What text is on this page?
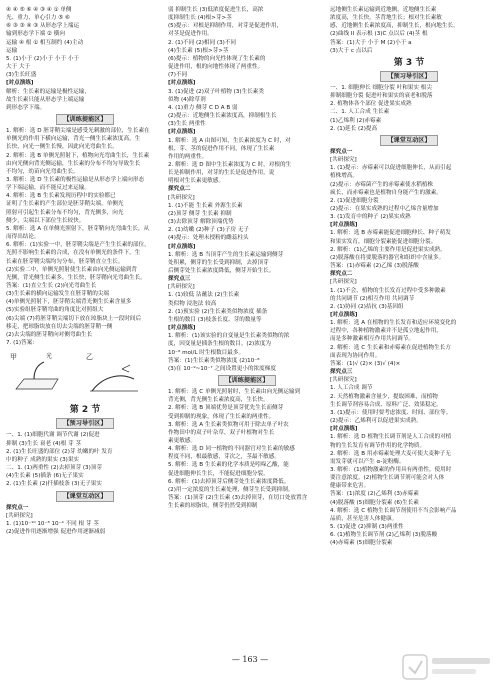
④ ④ ⑤ ⑥ ④ ③ ④ ① 单侧
光、重力、单心引力 ⑤ ⑥
⑥ ③ ③ ④ ③ 从形态学上端运
输到形态学下端 ② 横向
运输 ④ 根 ① 相互制约 (4)主动
运输
5. (1)小于 (2)小于 小于 小于
大于 大于
(3)生长旺盛
[对点演练]
解析：生长素的运输是极性运输，
故生长素只能从形态学上端运输
到形态学下端。
【训练提能区】
1. 解析：选 D 胚芽鞘尖端是感受光刺激的部位，生长素在
单侧光的作用下横向运输，背光一侧生长素浓度高，生
长快，向光一侧生长慢，因此向光弯曲生长。
2. 解析：选 B 单侧光照射下，植物向光弯曲生长，生长素
由向光侧向背光侧运输，生长素的分布不均匀导致生长
不均匀，幼苗向光弯曲生长。
3. 解析：选 D 生长素的极性运输是从形态学上端向形态
学下端运输，而不能反过来运输。
4. 解析：选 B 生长素发现历程中的实验都已
证明了生长素的产生部位是胚芽鞘尖端，单侧光
照射可引起生长素分布不均匀，背光侧多，向光
侧少，尖端以下部位生长较快。
5. 解析：选 A 在单侧光照射下，胚芽鞘向光弯曲生长，从
而得出结论。
6. 解析：(1)实验一中，胚芽鞘尖端是产生生长素的部位，
光照不影响生长素的合成，在没有单侧光的条件下，生
长素在胚芽鞘尖端均匀分布，胚芽鞘直立生长。
(2)实验二中，单侧光照射使生长素由向光侧运输到背
光侧，背光侧生长素多，生长快，胚芽鞘向光弯曲生长。
答案：(1)直立生长 (2)向光弯曲生长
(3)生长素的横向运输发生在胚芽鞘的尖端
(4)单侧光照射下，胚芽鞘尖端背光侧生长素含量多
(5)实验组胚芽鞘弯曲的角度比对照组大
(6)尖端 (7)将胚芽鞘尖端切下放在琼脂块上一段时间后
移走，把琼脂块放在切去尖端的胚芽鞘一侧
(2)去尖端的胚芽鞘向对侧弯曲生长
7. (1)答案：
甲	乙
光
第 2 节
【预习导引区】
一、1. (1)细胞代谢 调节代谢 (2)促进
抑制 (3)生长 衰老 (4)根 芽 茎
2. (1)生长旺盛的部位 (2)芽 幼嫩的叶 发育
中的种子 成熟的果实 (3)果实
二、1. (1)两重性 (2)去掉顶芽 (3)顶芽
(4)生长素 (5)插条 (6)无子果实
2. (1)生长素 (2)扦插枝条 (3)无子果实
【课堂互动区】
探究点一
[共研探究]
1. (1)10⁻¹⁰ 10⁻⁸ 10⁻⁴ 不同 根 芽 茎
(2)促进作用逐渐增强 促进作用逐渐减弱
弱 抑制生长 (3)低浓度促进生长，高浓
度抑制生长 (4)根>芽>茎
(5)提示：对根是抑制作用，对芽是促进作用，
对茎是促进作用。
2. (1)不同 (2)相同 (3)不同
(4)生长素 (5)根>芽>茎
(6)提示：植物的向光性体现了生长素的
促进作用，根的向地性体现了两重性。
(7)不同
[对点演练]
3. (1)促进 (2)双子叶植物 (3)生长素类
似物 (4)除草剂
4. (1)重力 侧芽 C D A B 弱
(2)提示：近地侧生长素浓度高，抑制根生长
(3)生长 两重性
[对点演练]
1. 解析：选 A 由图可知，生长素浓度为 C 时，对
根、芽、茎的促进作用不同，体现了生长素
作用的两重性。
2. 解析：选 D 图中生长素浓度为 C 时，对根的生
长是抑制作用，对芽的生长是促进作用，说
明根对生长素更敏感。
探究点二
[共研探究]
1. (1)不能 生长素 外源生长素
(2)顶芽 侧芽 生长素 抑制
(3)去除顶芽 解除顶端优势
2. (1)幼嫩 (2)种子 (3)子房 无子
(4)提示：处理未授粉的雌蕊柱头
[对点演练]
1. 解析：选 B 当顶芽产生的生长素运输到侧芽
处积累，侧芽的生长受到抑制，去掉顶芽
后侧芽处生长素浓度降低，侧芽开始生长。
探究点三
[共研探究]
1. (1)较低 沾蘸法 (2)生长素
类似物 浸泡法 较高
2. (1)预实验 (2)生长素类似物浓度 插条
生根的数目 (3)枝条长度、芽的数量等
[对点演练]
1. 解析：(1)该实验的自变量是生长素类似物的浓
度，因变量是插条生根的数目。(2)浓度为
10⁻⁸ mol/L 时生根数目最多。
答案：(1)生长素类似物浓度 (2)10⁻⁸
(3)在 10⁻⁹~10⁻⁷ 之间设置更小的浓度梯度
【训练提能区】
1. 解析：选 C 单侧光照射时，生长素由向光侧运输到
背光侧，背光侧生长素浓度高，生长快。
2. 解析：选 B 顶端优势是顶芽优先生长而侧芽
受到抑制的现象，体现了生长素的两重性。
3. 解析：选 A 生长素类似物可用于除去单子叶农
作物田中的双子叶杂草，双子叶植物对生长
素更敏感。
4. 解析：选 D 同一植物的不同器官对生长素的敏感
程度不同，根最敏感，芽次之，茎最不敏感。
5. 解析：选 B 生长素的化学本质是吲哚乙酸，能
促进细胞伸长生长，不能促进细胞分裂。
6. 解析：(1)去掉顶芽后侧芽处生长素浓度降低。
(2)用一定浓度的生长素处理，侧芽生长受到抑制。
答案：(1)顶芽 (2)生长素 (3)去掉顶芽，在切口处放置含
生长素的琼脂块，侧芽仍然受到抑制
远地侧生长素运输到近地侧，近地侧生长素
浓度高，生长快，茎背地生长；根对生长素敏
感，近地侧生长素浓度高，抑制生长，根向地生长。
(2)曲线 II 表示根 (3)C 点以后 (4)茎 根
答案：(1)大于 小于 M (2)小于 a
(3)大于 c 点以后
第 3 节
【预习导引区】
一、1. 细胞伸长 细胞分裂 叶和果实 根尖
抑制细胞分裂 促进叶和果实的衰老和脱落
2. 植物体各个部位 促进果实成熟
二、1. 人工合成 生长素
(1)乙烯利 (2)赤霉素
2. (1)延长 (2)提高
【课堂互动区】
探究点一
[共研探究]
1. (1)提示：赤霉素可以促进细胞伸长，从而引起
植株增高。
(2)提示：赤霉菌产生的赤霉素使水稻植株
疯长，而赤霉素也是植物自身能产生的激素。
2. (1)促进细胞分裂
(2)提示：在果实成熟的过程中乙烯含量增加
3. (1)发育中的种子 (2)果实成熟
[对点演练]
1. 解析：选 B 赤霉素能促进细胞伸长、种子萌发
和果实发育，细胞分裂素能促进细胞分裂。
2. 解析：(1)乙烯的主要作用是促进果实成熟。
(2)脱落酸在将要脱落的器官和组织中含量多。
答案：(1)赤霉素 (2)乙烯 (3)脱落酸
探究点二
[共研探究]
1. (1)不会，植物的生长发育过程中受多种激素
的共同调节 (2)相互作用 共同调节
2. (1)协同 (2)拮抗 (3)基因组
[对点演练]
1. 解析：选 A 在植物的生长发育和适应环境变化的
过程中，各种植物激素并不是孤立地起作用，
而是多种激素相互作用共同调节。
2. 解析：选 C 生长素和赤霉素在促进植物生长方
面表现为协同作用。
答案：(1)√ (2)× (3)√ (4)×
探究点三
[共研探究]
1. 人工合成 调节
2. 天然植物激素含量少，提取困难，而植物
生长调节剂容易合成、原料广泛、效果稳定。
3. (1)提示：使用时要考虑浓度、时间、部位等。
(2)提示：乙烯利可以促进果实成熟。
[对点演练]
1. 解析：选 D 植物生长调节剂是人工合成的对植
物的生长发育有调节作用的化学物质。
2. 解析：选 B 用赤霉素处理大麦可使大麦种子无
需发芽就可以产生 α-淀粉酶。
3. 解析：(1)植物激素的作用具有两重性，使用时
要注意浓度。(2)植物生长调节剂可能会对人体
健康带来危害。
答案：(1)浓度 (2)乙烯利 (3)赤霉素
(4)脱落酸 (5)细胞分裂素 (6)生长素
4. 解析：选 C 植物生长调节剂使用不当会影响产品
品质，甚至危害人体健康。
5. (1)促进 (2)抑制 (3)两重性
6. (1)植物生长调节剂 (2)乙烯利 (3)脱落酸
(4)赤霉素 (5)细胞分裂素
— 163 —
